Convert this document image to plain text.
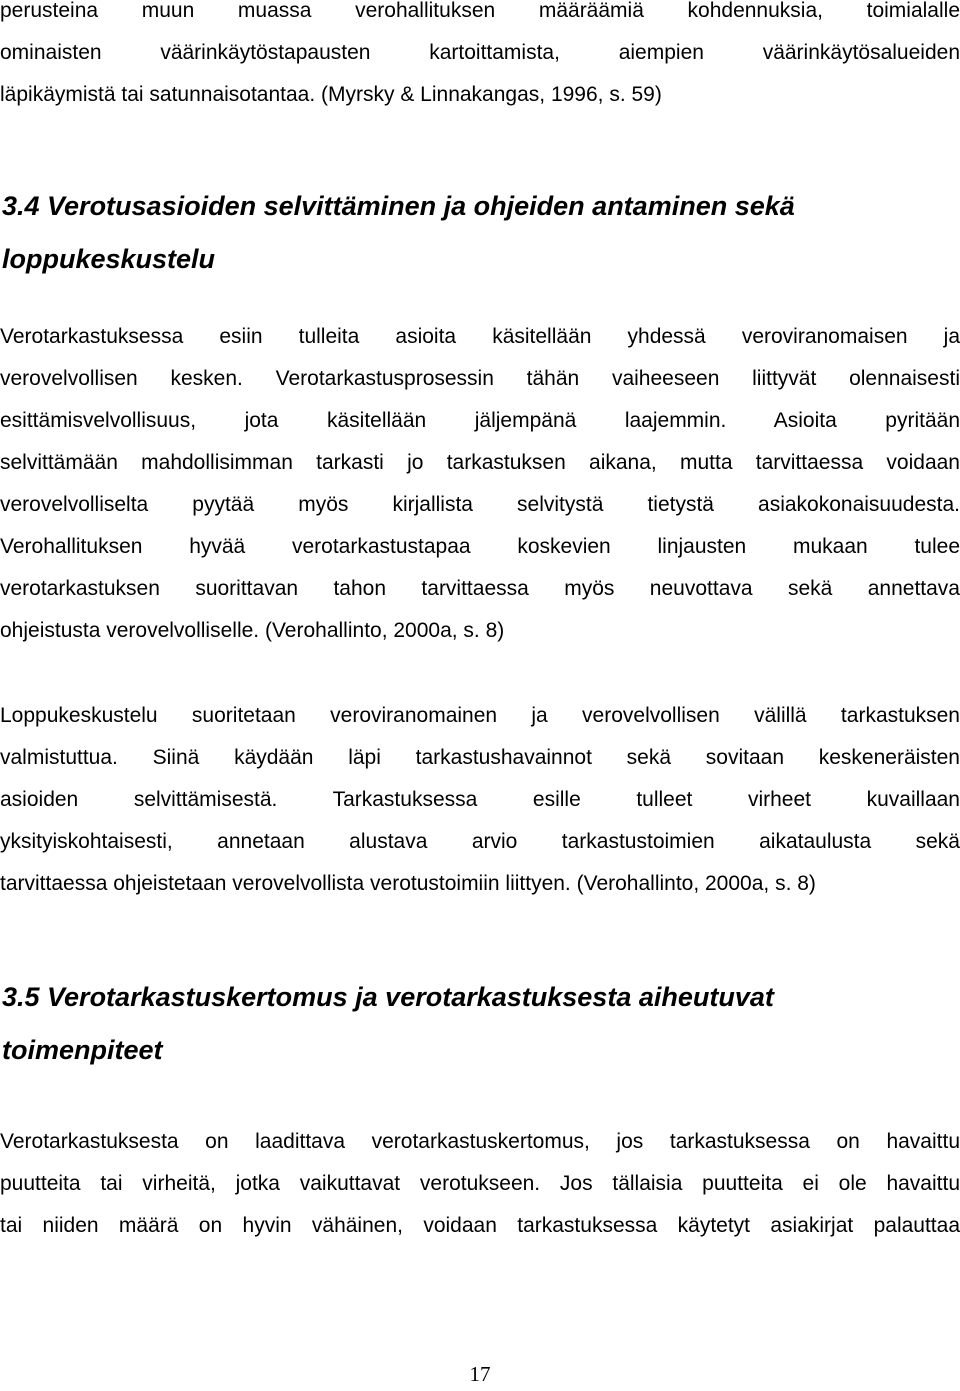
perusteina muun muassa verohallituksen määräämiä kohdennuksia, toimialalle
ominaisten väärinkäytöstapausten kartoittamista, aiempien väärinkäytösalueiden
läpikäymistä tai satunnaisotantaa. (Myrsky & Linnakangas, 1996, s. 59)
3.4 Verotusasioiden selvittäminen ja ohjeiden antaminen sekä
loppukeskustelu
Verotarkastuksessa esiin tulleita asioita käsitellään yhdessä veroviranomaisen ja
verovelvollisen kesken. Verotarkastusprosessin tähän vaiheeseen liittyvät olennaisesti
esittämisvelvollisuus, jota käsitellään jäljempänä laajemmin. Asioita pyritään
selvittämään mahdollisimman tarkasti jo tarkastuksen aikana, mutta tarvittaessa voidaan
verovelvolliselta pyytää myös kirjallista selvitystä tietystä asiakokonaisuudesta.
Verohallituksen hyvää verotarkastustapaa koskevien linjausten mukaan tulee
verotarkastuksen suorittavan tahon tarvittaessa myös neuvottava sekä annettava
ohjeistusta verovelvolliselle. (Verohallinto, 2000a, s. 8)
Loppukeskustelu suoritetaan veroviranomainen ja verovelvollisen välillä tarkastuksen
valmistuttua. Siinä käydään läpi tarkastushavainnot sekä sovitaan keskeneräisten
asioiden selvittämisestä. Tarkastuksessa esille tulleet virheet kuvaillaan
yksityiskohtaisesti, annetaan alustava arvio tarkastustoimien aikataulusta sekä
tarvittaessa ohjeistetaan verovelvollista verotustoimiin liittyen. (Verohallinto, 2000a, s. 8)
3.5 Verotarkastuskertomus ja verotarkastuksesta aiheutuvat
toimenpiteet
Verotarkastuksesta on laadittava verotarkastuskertomus, jos tarkastuksessa on havaittu
puutteita tai virheitä, jotka vaikuttavat verotukseen. Jos tällaisia puutteita ei ole havaittu
tai niiden määrä on hyvin vähäinen, voidaan tarkastuksessa käytetyt asiakirjat palauttaa
17
